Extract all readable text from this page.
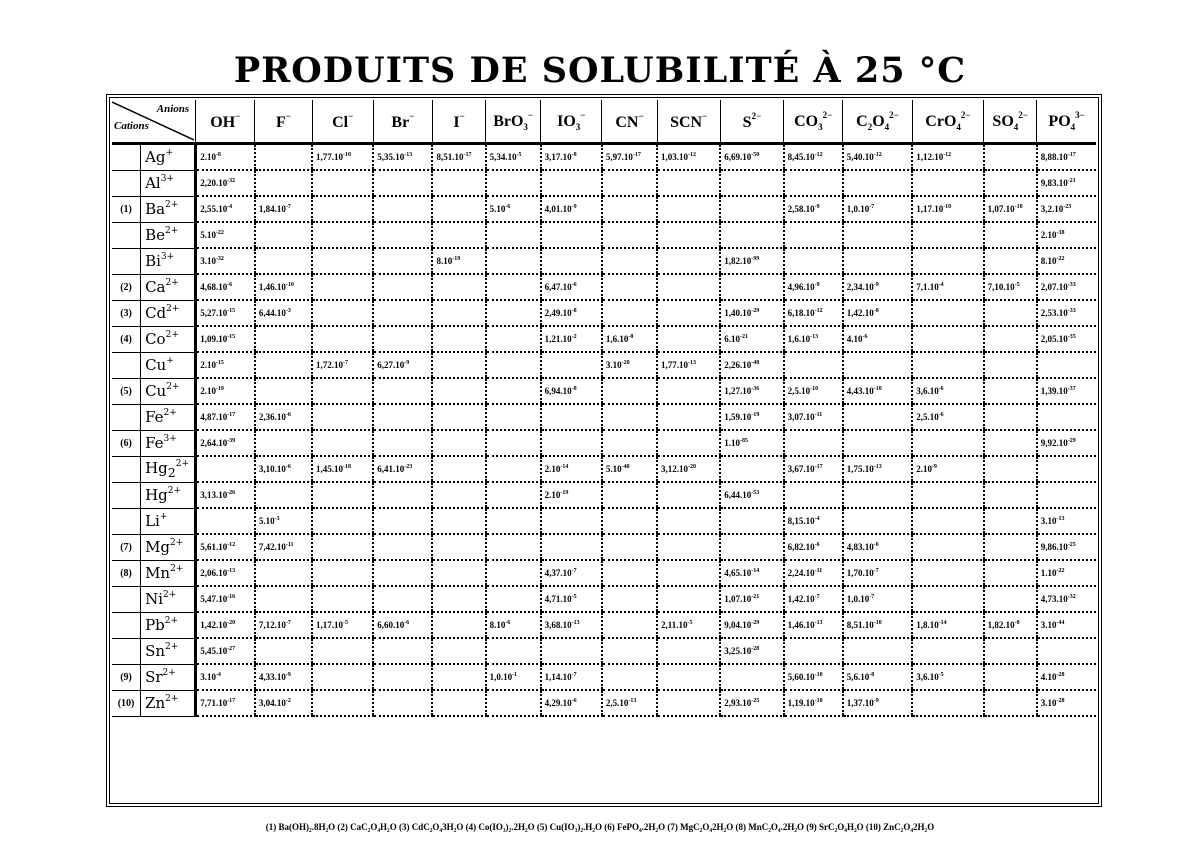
PRODUITS DE SOLUBILITÉ À 25 °C
Anions
Cations		OH−	F−	Cl−	Br−	I−	BrO$_3$−	$IO_3^-$	CN−	SCN−	$S^{2-}$	$CO_3^{2-}$	$C_2O_4^{2-}$	CrO$_4^{2-}$	$SO_4^{2-}$	$PO_4^{3-}$
	Ag+	$2.10^{-8}$		$1,77.10^{-10}$	$5,35.10^{-13}$	$8,51.10^{-17}$	$5,34.10^{-5}$	$3,17.10^{-8}$	$5,97.10^{-17}$	$1,03.10^{-12}$	$6,69.10^{-50}$	$8,45.10^{-12}$	$5,40.10^{-12}$	$1,12.10^{-12}$		$8,88.10^{-17}$
	$Al^{3+}$	$2,20.10^{-32}$														$9,83.10^{-21}$
(1)	$Ba^{2+}$	$2,55.10^{-4}$	$1,84.10^{-7}$				$5.10^{-6}$	$4,01.10^{-9}$				$2,58.10^{-9}$	$1,0.10^{-7}$	$1,17.10^{-10}$	$1,07.10^{-10}$	$3,2.10^{-23}$
	$Be^{2+}$	$5.10^{-22}$														$2.10^{-38}$
	$Bi^{3+}$	$3.10^{-32}$				$8.10^{-19}$					$1,82.10^{-99}$					$8.10^{-22}$
(2)	$Ca^{2+}$	$4,68.10^{-6}$	$1,46.10^{-10}$					$6,47.10^{-6}$				$4,96.10^{-9}$	$2,34.10^{-9}$	$7,1.10^{-4}$	$7,10.10^{-5}$	$2,07.10^{-33}$
(3)	$Cd^{2+}$	$5,27.10^{-15}$	$6,44.10^{-3}$					$2,49.10^{-8}$			$1,40.10^{-29}$	$6,18.10^{-12}$	$1,42.10^{-8}$			$2,53.10^{-33}$
(4)	$Co^{2+}$	$1,09.10^{-15}$						$1,21.10^{-2}$	$1,6.10^{-8}$		$6.10^{-21}$	$1,6.10^{-13}$	$4.10^{-6}$			$2,05.10^{-35}$
	Cu+	$2.10^{-15}$		$1,72.10^{-7}$	$6,27.10^{-9}$				$3.10^{-20}$	$1,77.10^{-13}$	$2,26.10^{-48}$					
(5)	$Cu^{2+}$	$2.10^{-19}$						$6,94.10^{-8}$			$1,27.10^{-36}$	$2,5.10^{-10}$	$4,43.10^{-10}$	$3,6.10^{-6}$		$1,39.10^{-37}$
	$Fe^{2+}$	$4,87.10^{-17}$	$2,36.10^{-6}$								$1,59.10^{-19}$	$3,07.10^{-11}$		$2,5.10^{-6}$		
(6)	$Fe^{3+}$	$2,64.10^{-39}$									$1.10^{-85}$					$9,92.10^{-29}$
	$Hg_2^{2+}$		$3,10.10^{-6}$	$1,45.10^{-18}$	$6,41.10^{-23}$			$2.10^{-14}$	$5.10^{-40}$	$3,12.10^{-20}$		$3,67.10^{-17}$	$1,75.10^{-13}$	$2.10^{-9}$		
	$Hg^{2+}$	$3,13.10^{-26}$						$2.10^{-19}$			$6,44.10^{-53}$					
	Li+		$5.10^{-3}$									$8,15.10^{-4}$				$3.10^{-13}$
(7)	$Mg^{2+}$	$5,61.10^{-12}$	$7,42.10^{-11}$									$6,82.10^{-6}$	$4,83.10^{-6}$			$9,86.10^{-25}$
(8)	$Mn^{2+}$	$2,06.10^{-13}$						$4,37.10^{-7}$			$4,65.10^{-14}$	$2,24.10^{-11}$	$1,70.10^{-7}$			$1.10^{-22}$
	$Ni^{2+}$	$5,47.10^{-16}$						$4,71.10^{-5}$			$1,07.10^{-21}$	$1,42.10^{-7}$	$1,0.10^{-7}$			$4,73.10^{-32}$
	$Pb^{2+}$	$1,42.10^{-20}$	$7,12.10^{-7}$	$1,17.10^{-5}$	$6,60.10^{-6}$		$8.10^{-6}$	$3,68.10^{-13}$		$2,11.10^{-5}$	$9,04.10^{-29}$	$1,46.10^{-13}$	$8,51.10^{-10}$	$1,8.10^{-14}$	$1,82.10^{-8}$	$3.10^{-44}$
	$Sn^{2+}$	$5,45.10^{-27}$									$3,25.10^{-28}$					
(9)	$Sr^{2+}$	$3.10^{-4}$	$4,33.10^{-9}$				$1,0.10^{-1}$	$1,14.10^{-7}$				$5,60.10^{-10}$	$5,6.10^{-8}$	$3,6.10^{-5}$		$4.10^{-28}$
(10)	$Zn^{2+}$	$7,71.10^{-17}$	$3,04.10^{-2}$					$4,29.10^{-6}$	$2,5.10^{-13}$		$2,93.10^{-25}$	$1,19.10^{-10}$	$1,37.10^{-9}$			$3.10^{-28}$
(1) Ba(OH)₂.8H₂O (2) CaC₂O₄H₂O (3) CdC₂O₄3H₂O (4) Co(IO₃)₂.2H₂O (5) Cu(IO₃)₂.H₂O (6) FePO₄.2H₂O (7) MgC₂O₄2H₂O (8) MnC₂O₄.2H₂O (9) SrC₂O₄H₂O (10) ZnC₂O₄2H₂O
